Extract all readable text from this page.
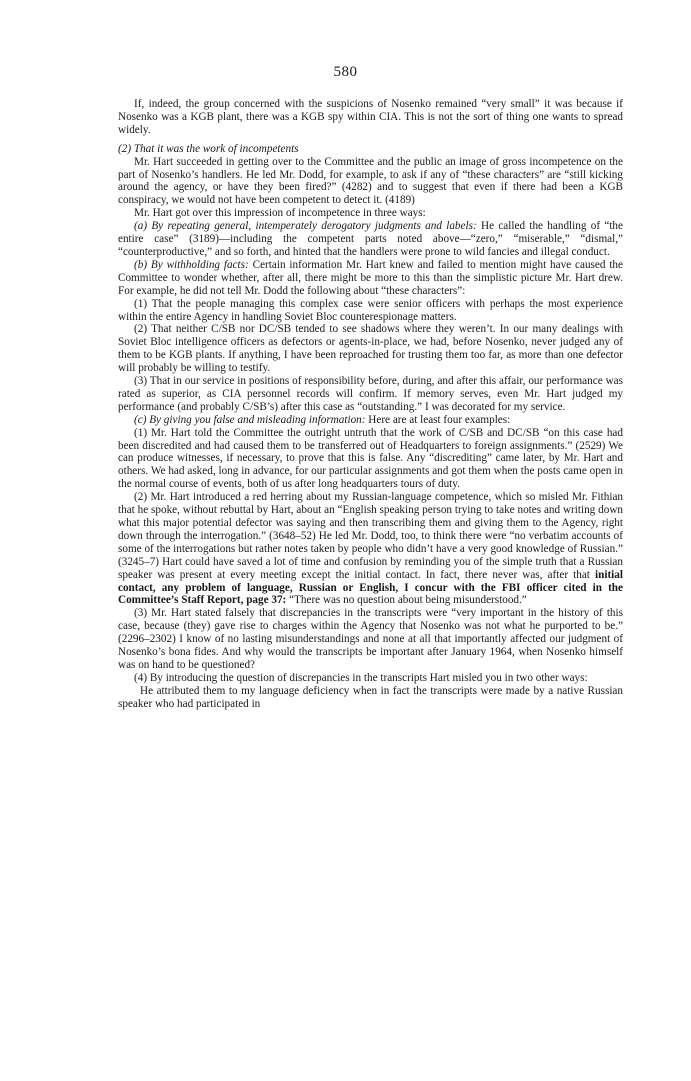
580

If, indeed, the group concerned with the suspicions of Nosenko remained “very small” it was because if Nosenko was a KGB plant, there was a KGB spy within CIA. This is not the sort of thing one wants to spread widely.

(2) That it was the work of incompetents

Mr. Hart succeeded in getting over to the Committee and the public an image of gross incompetence on the part of Nosenko’s handlers. He led Mr. Dodd, for example, to ask if any of “these characters” are “still kicking around the agency, or have they been fired?” (4282) and to suggest that even if there had been a KGB conspiracy, we would not have been competent to detect it. (4189)

Mr. Hart got over this impression of incompetence in three ways:

(a) By repeating general, intemperately derogatory judgments and labels: He called the handling of “the entire case” (3189)—including the competent parts noted above—“zero,” “miserable,” “dismal,” “counterproductive,” and so forth, and hinted that the handlers were prone to wild fancies and illegal conduct.

(b) By withholding facts: Certain information Mr. Hart knew and failed to mention might have caused the Committee to wonder whether, after all, there might be more to this than the simplistic picture Mr. Hart drew. For example, he did not tell Mr. Dodd the following about “these characters”:

(1) That the people managing this complex case were senior officers with perhaps the most experience within the entire Agency in handling Soviet Bloc counterespionage matters.

(2) That neither C/SB nor DC/SB tended to see shadows where they weren’t. In our many dealings with Soviet Bloc intelligence officers as defectors or agents-in-place, we had, before Nosenko, never judged any of them to be KGB plants. If anything, I have been reproached for trusting them too far, as more than one defector will probably be willing to testify.

(3) That in our service in positions of responsibility before, during, and after this affair, our performance was rated as superior, as CIA personnel records will confirm. If memory serves, even Mr. Hart judged my performance (and probably C/SB’s) after this case as “outstanding.” I was decorated for my service.

(c) By giving you false and misleading information: Here are at least four examples:

(1) Mr. Hart told the Committee the outright untruth that the work of C/SB and DC/SB “on this case had been discredited and had caused them to be transferred out of Headquarters to foreign assignments.” (2529) We can produce witnesses, if necessary, to prove that this is false. Any “discrediting” came later, by Mr. Hart and others. We had asked, long in advance, for our particular assignments and got them when the posts came open in the normal course of events, both of us after long headquarters tours of duty.

(2) Mr. Hart introduced a red herring about my Russian-language competence, which so misled Mr. Fithian that he spoke, without rebuttal by Hart, about an “English speaking person trying to take notes and writing down what this major potential defector was saying and then transcribing them and giving them to the Agency, right down through the interrogation.” (3648–52) He led Mr. Dodd, too, to think there were “no verbatim accounts of some of the interrogations but rather notes taken by people who didn’t have a very good knowledge of Russian.” (3245–7) Hart could have saved a lot of time and confusion by reminding you of the simple truth that a Russian speaker was present at every meeting except the initial contact. In fact, there never was, after that initial contact, any problem of language, Russian or English, I concur with the FBI officer cited in the Committee’s Staff Report, page 37: “There was no question about being misunderstood.”

(3) Mr. Hart stated falsely that discrepancies in the transcripts were “very important in the history of this case, because (they) gave rise to charges within the Agency that Nosenko was not what he purported to be.” (2296–2302) I know of no lasting misunderstandings and none at all that importantly affected our judgment of Nosenko’s bona fides. And why would the transcripts be important after January 1964, when Nosenko himself was on hand to be questioned?

(4) By introducing the question of discrepancies in the transcripts Hart misled you in two other ways:

He attributed them to my language deficiency when in fact the transcripts were made by a native Russian speaker who had participated in
